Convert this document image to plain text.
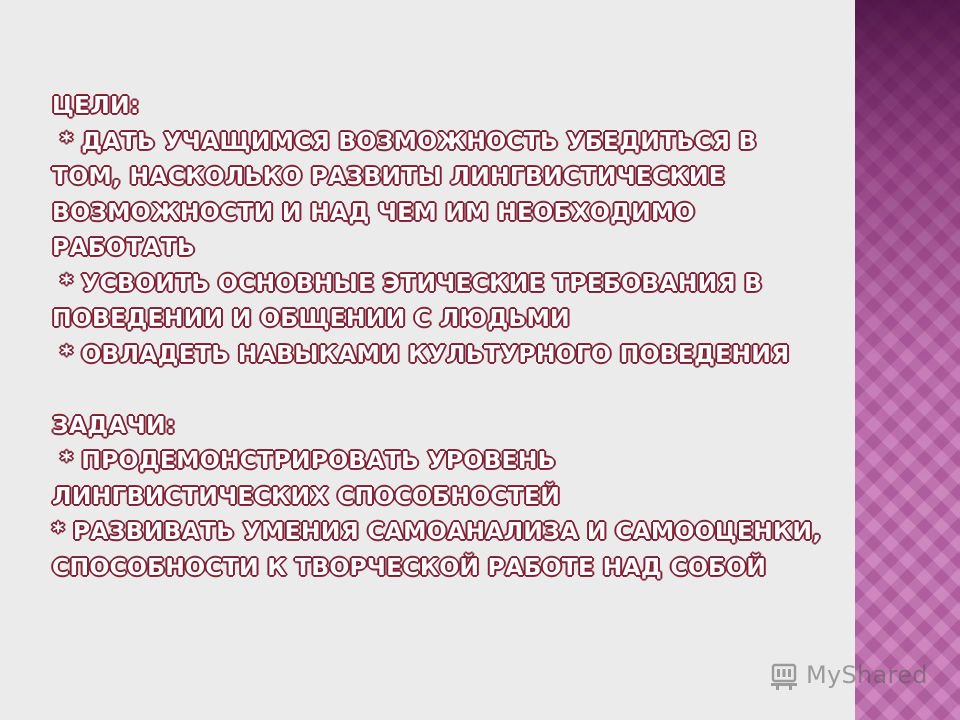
ЦЕЛИ:
* ДАТЬ УЧАЩИМСЯ ВОЗМОЖНОСТЬ УБЕДИТЬСЯ В
ТОМ, НАСКОЛЬКО РАЗВИТЫ ЛИНГВИСТИЧЕСКИЕ
ВОЗМОЖНОСТИ И НАД ЧЕМ ИМ НЕОБХОДИМО
РАБОТАТЬ
* УСВОИТЬ ОСНОВНЫЕ ЭТИЧЕСКИЕ ТРЕБОВАНИЯ В
ПОВЕДЕНИИ И ОБЩЕНИИ С ЛЮДЬМИ
* ОВЛАДЕТЬ НАВЫКАМИ КУЛЬТУРНОГО ПОВЕДЕНИЯ
ЗАДАЧИ:
* ПРОДЕМОНСТРИРОВАТЬ УРОВЕНЬ
ЛИНГВИСТИЧЕСКИХ СПОСОБНОСТЕЙ
* РАЗВИВАТЬ УМЕНИЯ САМОАНАЛИЗА И САМООЦЕНКИ,
СПОСОБНОСТИ К ТВОРЧЕСКОЙ РАБОТЕ НАД СОБОЙ
MyShared
